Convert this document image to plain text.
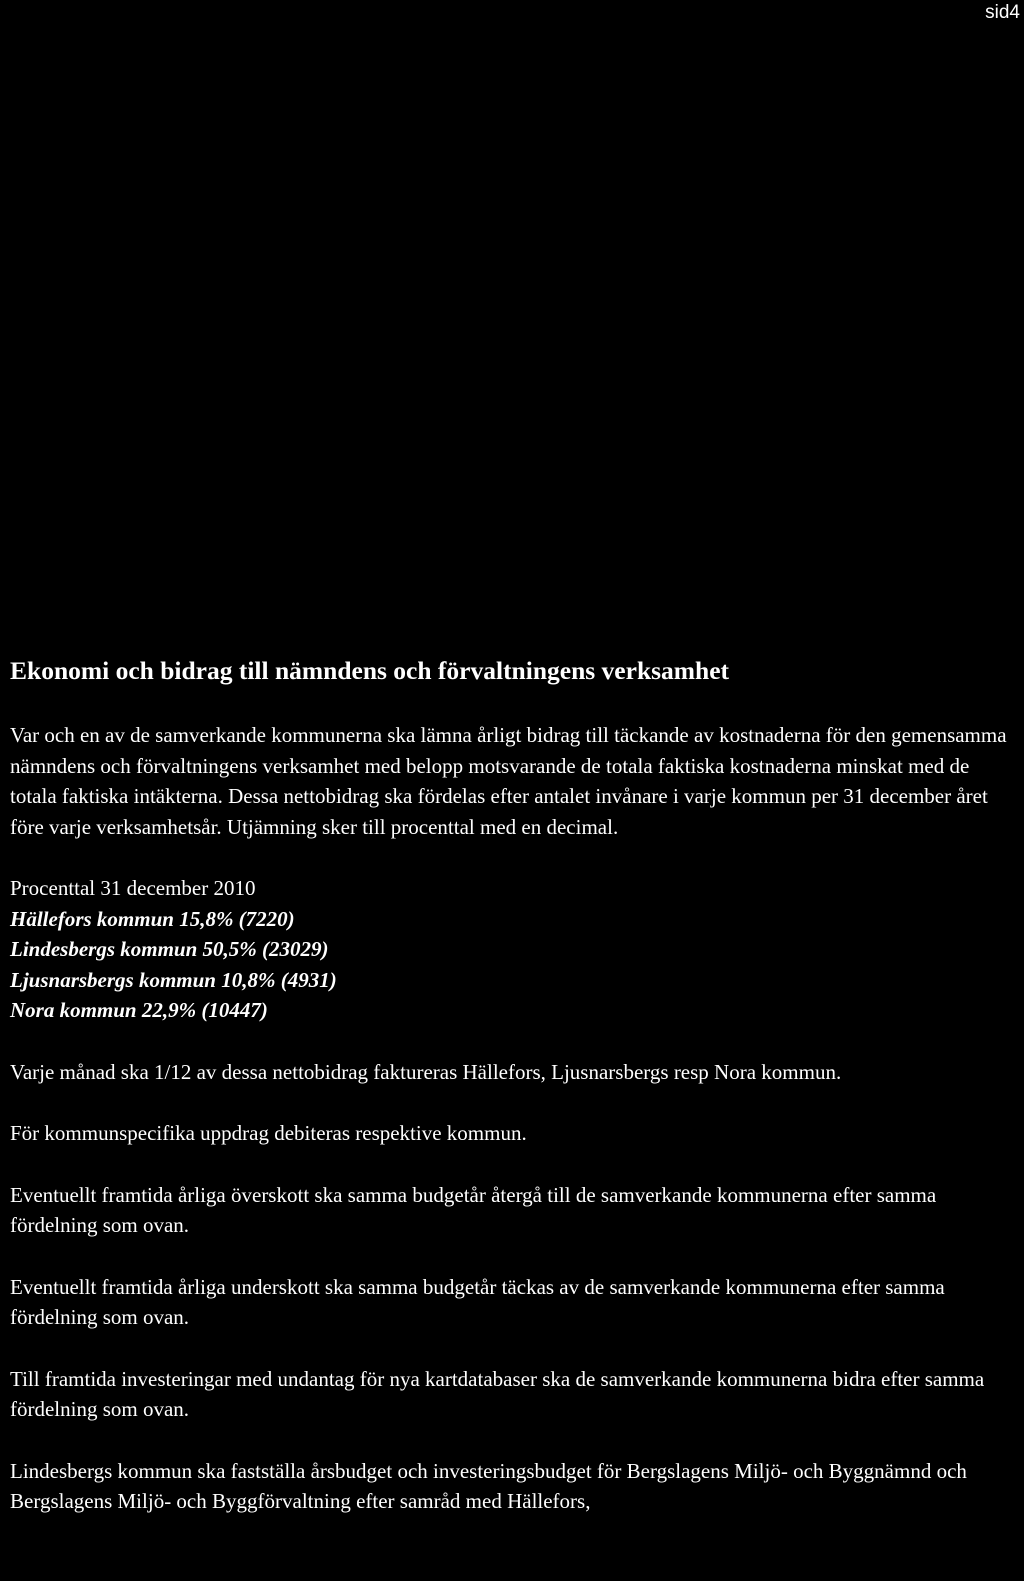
sid4
Ekonomi och bidrag till nämndens och förvaltningens verksamhet

Var och en av de samverkande kommunerna ska lämna årligt bidrag till täckande av kostnaderna för den gemensamma nämndens och förvaltningens verksamhet med belopp motsvarande de totala faktiska kostnaderna minskat med de totala faktiska intäkterna. Dessa nettobidrag ska fördelas efter antalet invånare i varje kommun per 31 december året före varje verksamhetsår. Utjämning sker till procenttal med en decimal.

Procenttal 31 december 2010
Hällefors kommun 15,8% (7220)
Lindesbergs kommun 50,5% (23029)
Ljusnarsbergs kommun 10,8% (4931)
Nora kommun 22,9% (10447)

Varje månad ska 1/12 av dessa nettobidrag faktureras Hällefors, Ljusnarsbergs resp Nora kommun.

För kommunspecifika uppdrag debiteras respektive kommun.

Eventuellt framtida årliga överskott ska samma budgetår återgå till de samverkande kommunerna efter samma fördelning som ovan.

Eventuellt framtida årliga underskott ska samma budgetår täckas av de samverkande kommunerna efter samma fördelning som ovan.

Till framtida investeringar med undantag för nya kartdatabaser ska de samverkande kommunerna bidra efter samma fördelning som ovan.

Lindesbergs kommun ska fastställa årsbudget och investeringsbudget för Bergslagens Miljö- och Byggnämnd och Bergslagens Miljö- och Byggförvaltning efter samråd med Hällefors,
